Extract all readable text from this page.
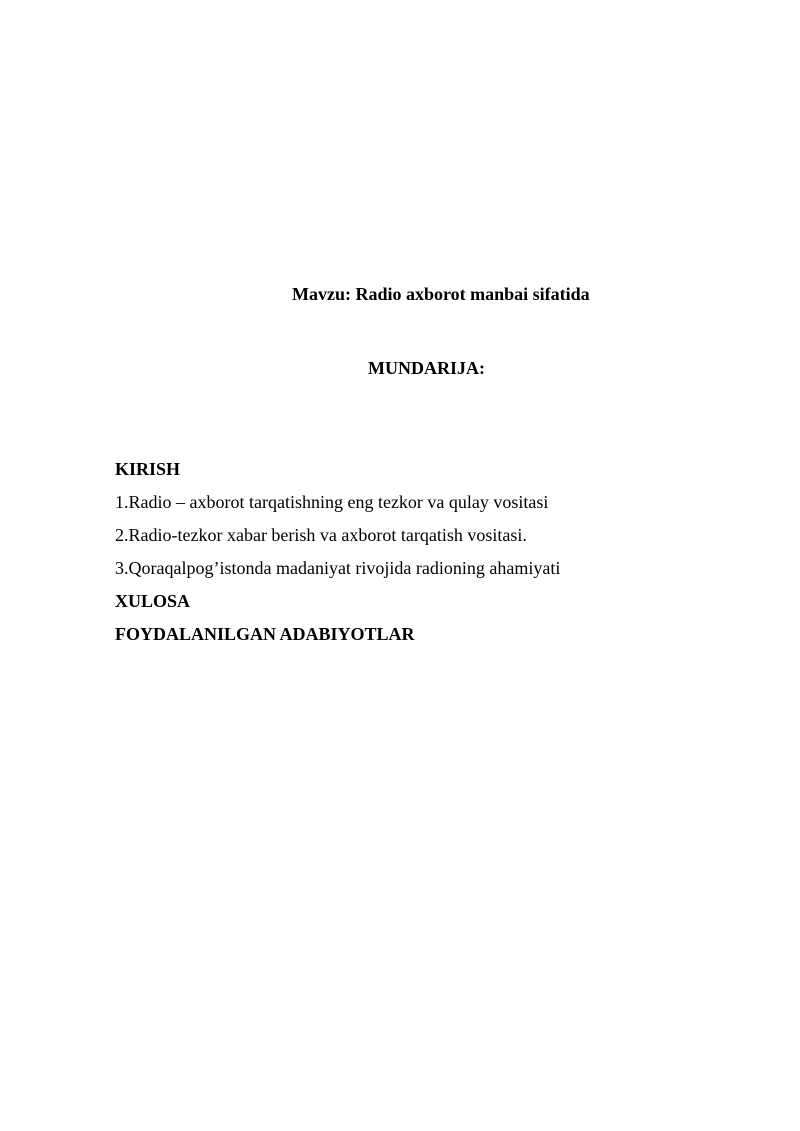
Mavzu: Radio axborot manbai sifatida
MUNDARIJA:
KIRISH
1.Radio – axborot tarqatishning eng tezkor va qulay vositasi
2.Radio-tezkor xabar berish va axborot tarqatish vositasi.
3.Qoraqalpog’istonda madaniyat rivojida radioning ahamiyati
XULOSA
FOYDALANILGAN ADABIYOTLAR
